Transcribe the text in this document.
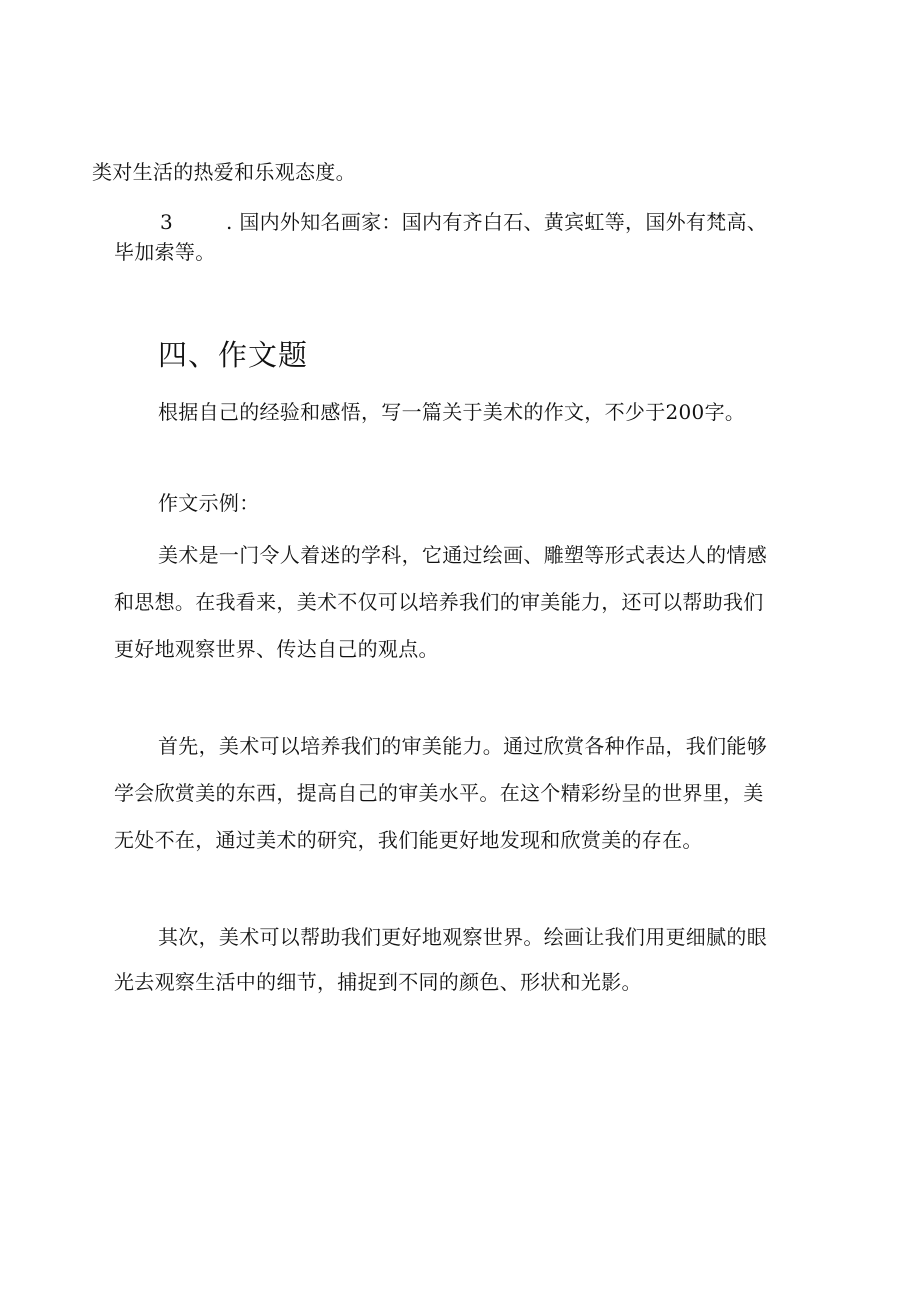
类对生活的热爱和乐观态度。
3	. 国内外知名画家：国内有齐白石、黄宾虹等，国外有梵高、
毕加索等。
四、作文题
根据自己的经验和感悟，写一篇关于美术的作文，不少于200字。
作文示例：
美术是一门令人着迷的学科，它通过绘画、雕塑等形式表达人的情感
和思想。在我看来，美术不仅可以培养我们的审美能力，还可以帮助我们
更好地观察世界、传达自己的观点。
首先，美术可以培养我们的审美能力。通过欣赏各种作品，我们能够
学会欣赏美的东西，提高自己的审美水平。在这个精彩纷呈的世界里，美
无处不在，通过美术的研究，我们能更好地发现和欣赏美的存在。
其次，美术可以帮助我们更好地观察世界。绘画让我们用更细腻的眼
光去观察生活中的细节，捕捉到不同的颜色、形状和光影。
